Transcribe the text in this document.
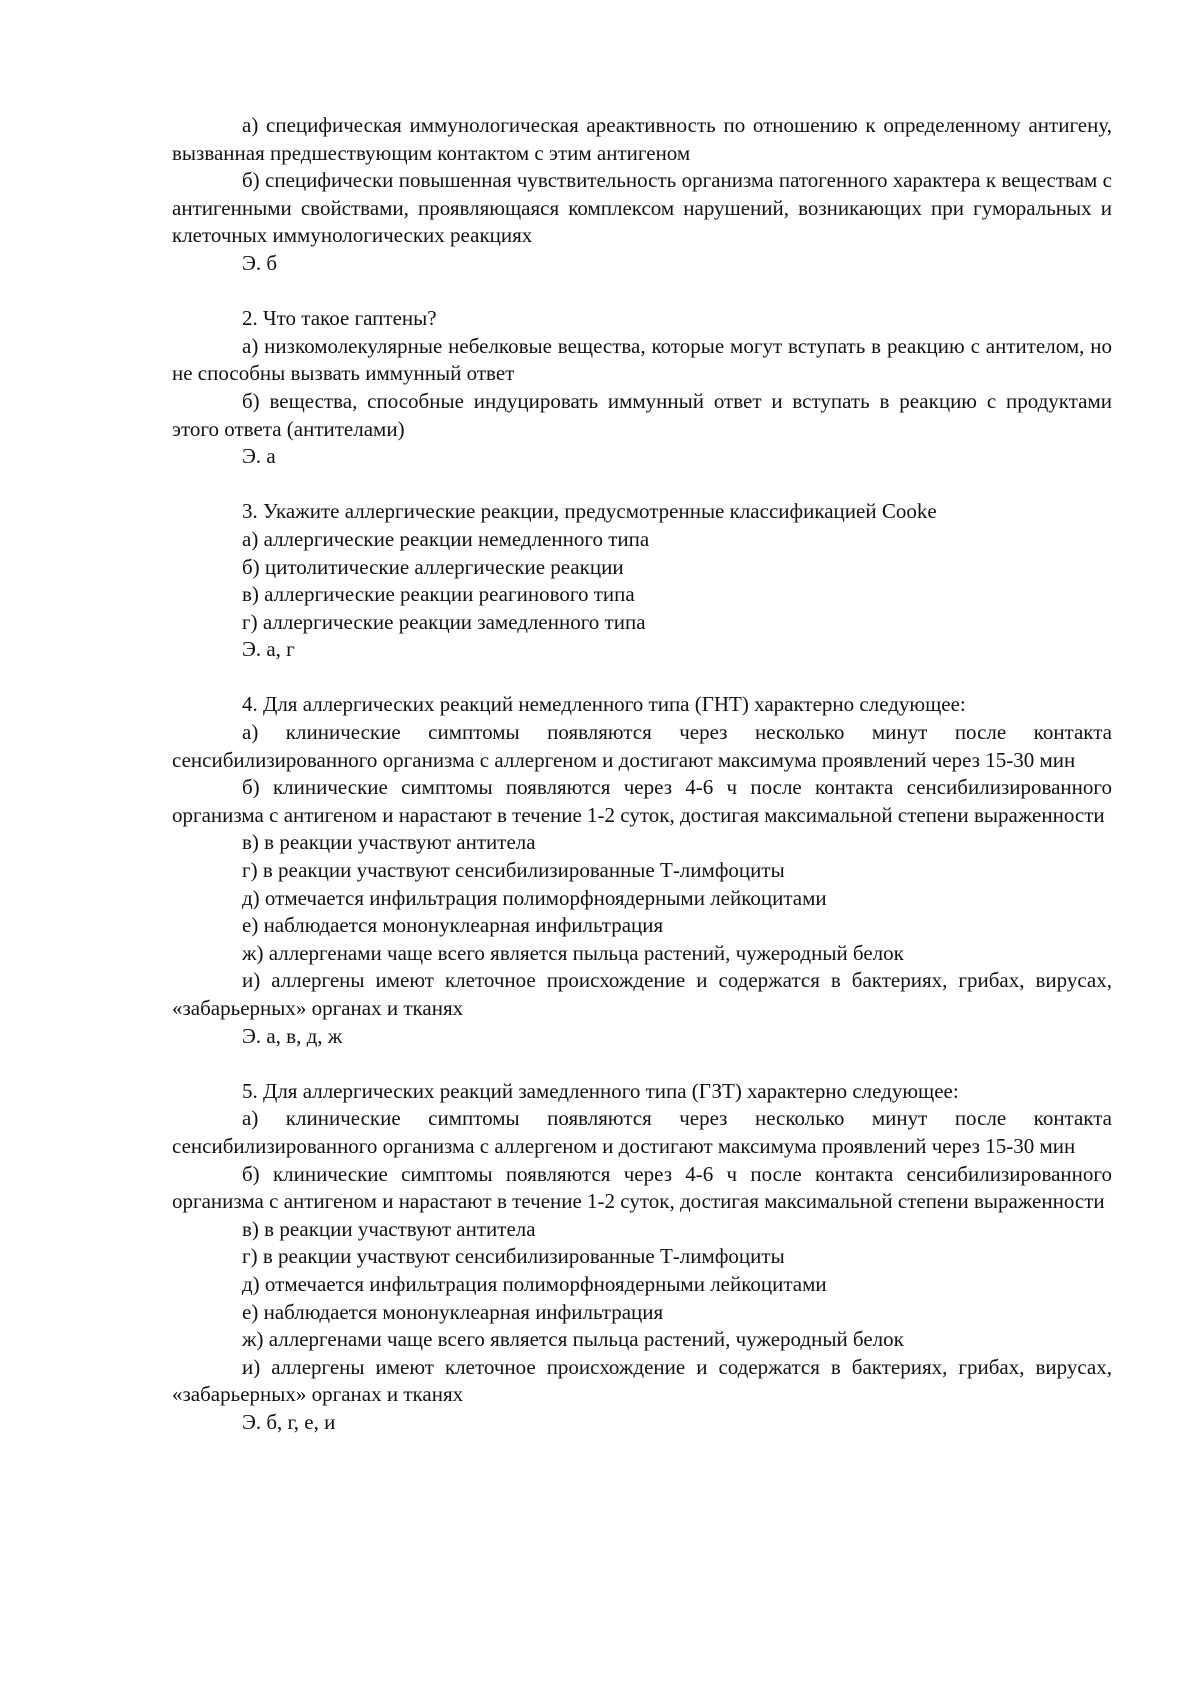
а) специфическая иммунологическая ареактивность по отношению к определенному антигену, вызванная предшествующим контактом с этим антигеном

б) специфически повышенная чувствительность организма патогенного характера к веществам с антигенными свойствами, проявляющаяся комплексом нарушений, возникающих при гуморальных и клеточных иммунологических реакциях

Э. б

2. Что такое гаптены?

а) низкомолекулярные небелковые вещества, которые могут вступать в реакцию с антителом, но не способны вызвать иммунный ответ

б) вещества, способные индуцировать иммунный ответ и вступать в реакцию с продуктами этого ответа (антителами)

Э. а

3. Укажите аллергические реакции, предусмотренные классификацией Cooke

а) аллергические реакции немедленного типа

б) цитолитические аллергические реакции

в) аллергические реакции реагинового типа

г) аллергические реакции замедленного типа

Э. а, г

4. Для аллергических реакций немедленного типа (ГНТ) характерно следующее:

а) клинические симптомы появляются через несколько минут после контакта сенсибилизированного организма с аллергеном и достигают максимума проявлений через 15-30 мин

б) клинические симптомы появляются через 4-6 ч после контакта сенсибилизированного организма с антигеном и нарастают в течение 1-2 суток, достигая максимальной степени выраженности

в) в реакции участвуют антитела

г) в реакции участвуют сенсибилизированные Т-лимфоциты

д) отмечается инфильтрация полиморфноядерными лейкоцитами

е) наблюдается мононуклеарная инфильтрация

ж) аллергенами чаще всего является пыльца растений, чужеродный белок

и) аллергены имеют клеточное происхождение и содержатся в бактериях, грибах, вирусах, «забарьерных» органах и тканях

Э. а, в, д, ж

5. Для аллергических реакций замедленного типа (ГЗТ) характерно следующее:

а) клинические симптомы появляются через несколько минут после контакта сенсибилизированного организма с аллергеном и достигают максимума проявлений через 15-30 мин

б) клинические симптомы появляются через 4-6 ч после контакта сенсибилизированного организма с антигеном и нарастают в течение 1-2 суток, достигая максимальной степени выраженности

в) в реакции участвуют антитела

г) в реакции участвуют сенсибилизированные Т-лимфоциты

д) отмечается инфильтрация полиморфноядерными лейкоцитами

е) наблюдается мононуклеарная инфильтрация

ж) аллергенами чаще всего является пыльца растений, чужеродный белок

и) аллергены имеют клеточное происхождение и содержатся в бактериях, грибах, вирусах, «забарьерных» органах и тканях

Э. б, г, е, и
